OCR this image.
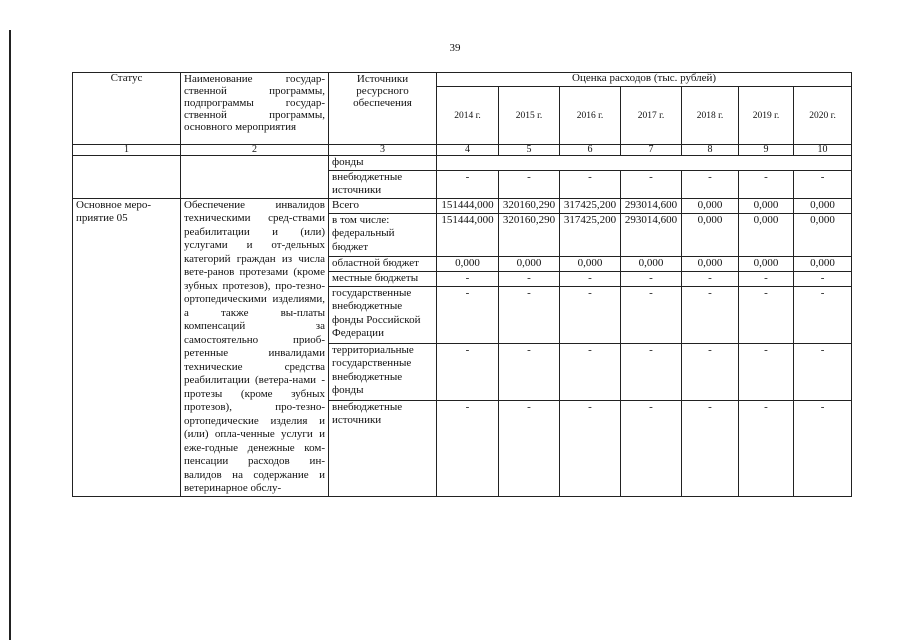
39
Статус	Наименование государ-ственной программы, подпрограммы государ-ственной программы, основного мероприятия	Источники ресурсного обеспечения	Оценка расходов (тыс. рублей)						
			2014 г.	2015 г.	2016 г.	2017 г.	2018 г.	2019 г.	2020 г.
1	2	3	4	5	6	7	8	9	10
		фонды							
		внебюджетные источники	-	-	-	-	-	-	-
Основное меро-приятие 05	Обеспечение инвалидов техническими сред-ствами реабилитации и (или) услугами и от-дельных категорий граждан из числа вете-ранов протезами (кроме зубных протезов), про-тезно-ортопедическими изделиями, а также вы-платы компенсаций за самостоятельно приоб-ретенные инвалидами технические средства реабилитации (ветера-нами - протезы (кроме зубных протезов), про-тезно-ортопедические изделия и (или) опла-ченные услуги и еже-годные денежные ком-пенсации расходов ин-валидов на содержание и ветеринарное обслу-	Всего	151444,000	320160,290	317425,200	293014,600	0,000	0,000	0,000
		в том числе: федеральный бюджет	151444,000	320160,290	317425,200	293014,600	0,000	0,000	0,000
		областной бюджет	0,000	0,000	0,000	0,000	0,000	0,000	0,000
		местные бюджеты	-	-	-	-	-	-	-
		государственные внебюджетные фонды Российской Федерации	-	-	-	-	-	-	-
		территориальные государственные внебюджетные фонды	-	-	-	-	-	-	-
		внебюджетные источники	-	-	-	-	-	-	-
